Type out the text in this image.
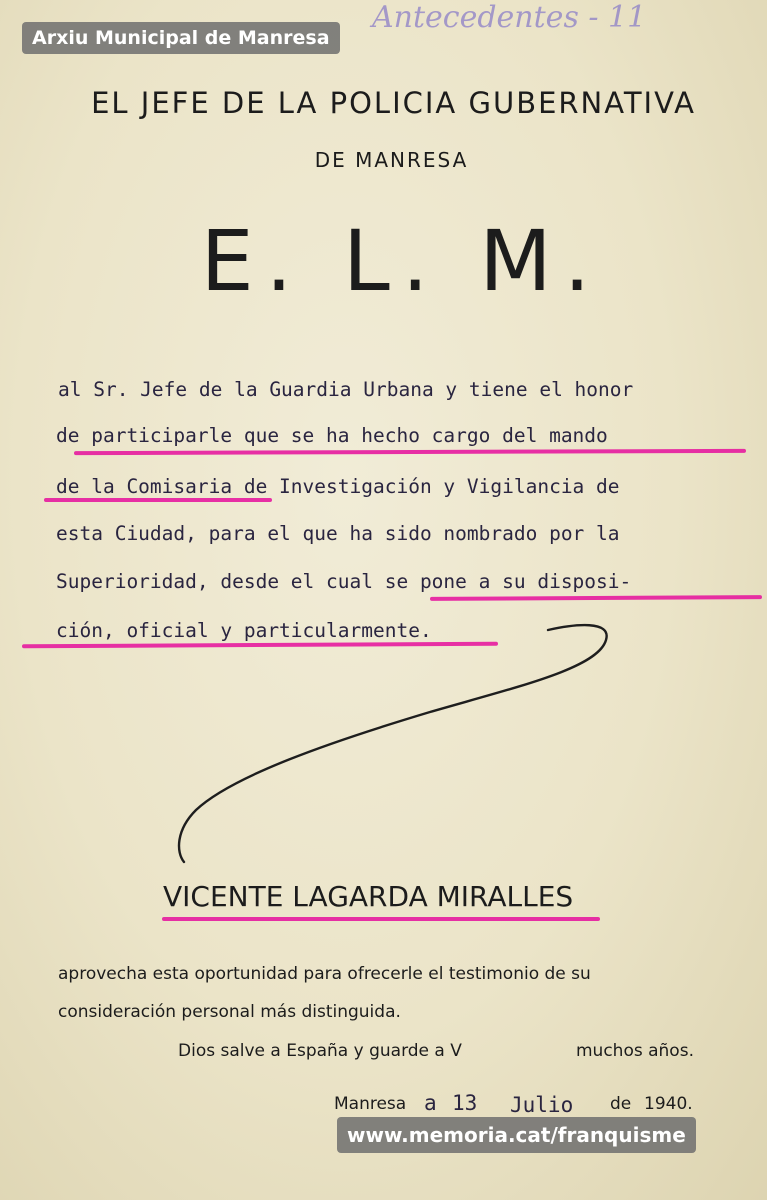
Antecedentes - 11
Arxiu Municipal de Manresa
EL JEFE DE LA POLICIA GUBERNATIVA
DE MANRESA
E. L. M.
al Sr. Jefe de la Guardia Urbana y tiene el honor
de participarle que se ha hecho cargo del mando
de la Comisaria de Investigación y Vigilancia de
esta Ciudad, para el que ha sido nombrado por la
Superioridad, desde el cual se pone a su disposi-
ción, oficial y particularmente.
VICENTE LAGARDA MIRALLES
aprovecha esta oportunidad para ofrecerle el testimonio de su
consideración personal más distinguida.
Dios salve a España y guarde a V	muchos años.
Manresa a 13 Julio de 1940.
www.memoria.cat/franquisme
